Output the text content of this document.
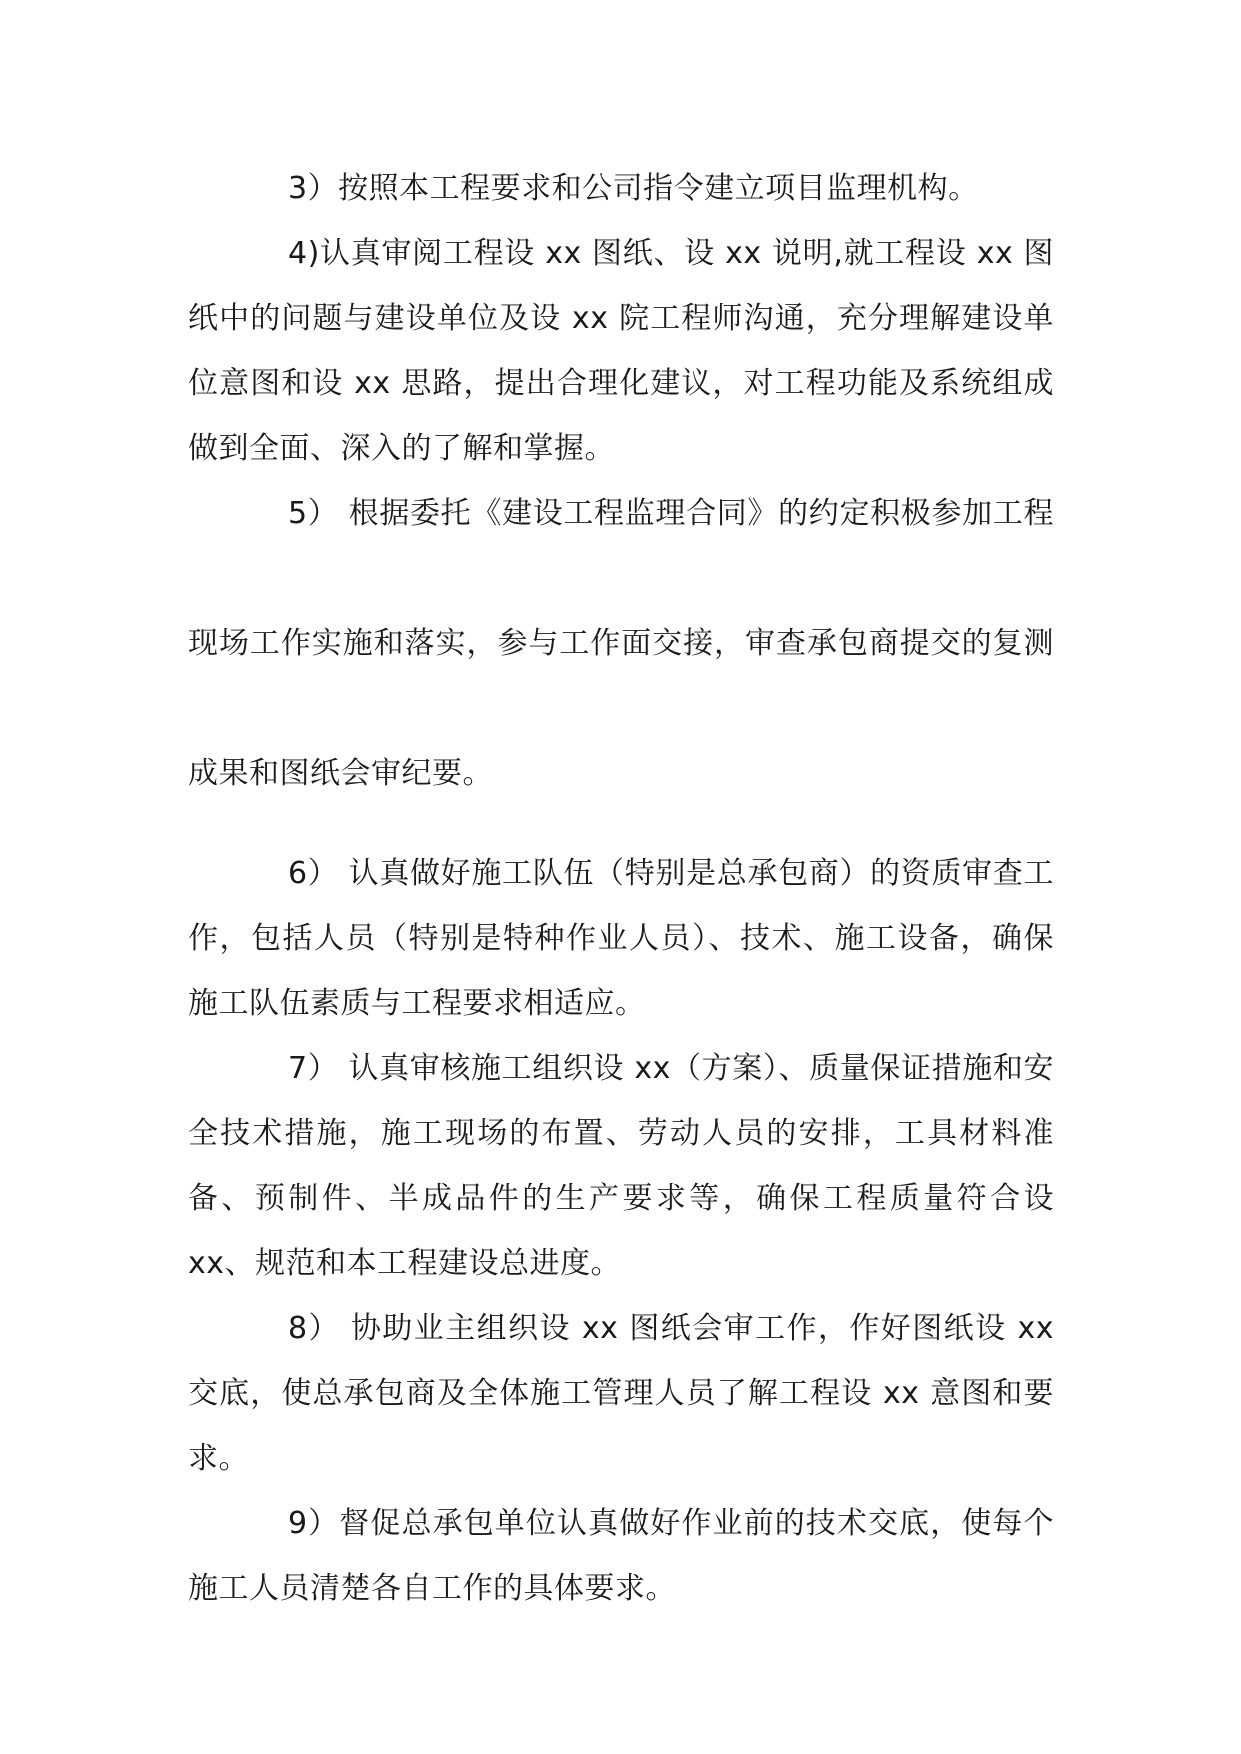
3）按照本工程要求和公司指令建立项目监理机构。

4)认真审阅工程设 xx 图纸、设 xx 说明,就工程设 xx 图纸中的问题与建设单位及设 xx 院工程师沟通，充分理解建设单位意图和设 xx 思路，提出合理化建议，对工程功能及系统组成做到全面、深入的了解和掌握。

5） 根据委托《建设工程监理合同》的约定积极参加工程现场工作实施和落实，参与工作面交接，审查承包商提交的复测成果和图纸会审纪要。

6） 认真做好施工队伍（特别是总承包商）的资质审查工作，包括人员（特别是特种作业人员）、技术、施工设备，确保施工队伍素质与工程要求相适应。

7） 认真审核施工组织设 xx（方案）、质量保证措施和安全技术措施，施工现场的布置、劳动人员的安排，工具材料准备、预制件、半成品件的生产要求等，确保工程质量符合设 xx、规范和本工程建设总进度。

8） 协助业主组织设 xx 图纸会审工作，作好图纸设 xx 交底，使总承包商及全体施工管理人员了解工程设 xx 意图和要求。

9）督促总承包单位认真做好作业前的技术交底，使每个施工人员清楚各自工作的具体要求。
